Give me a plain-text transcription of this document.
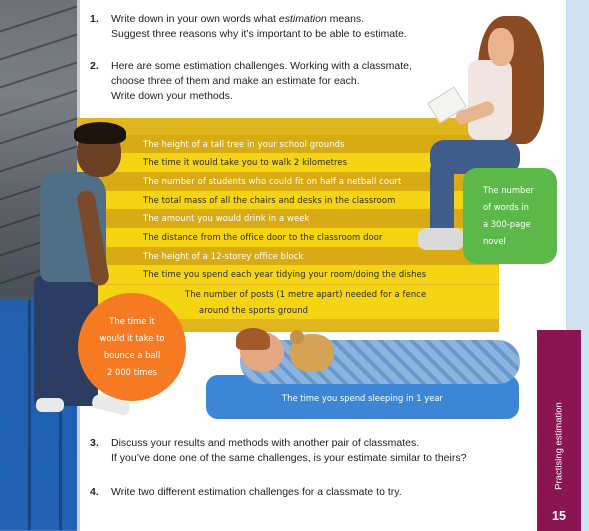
1. Write down in your own words what estimation means.
Suggest three reasons why it’s important to be able to estimate.
2. Here are some estimation challenges. Working with a classmate,
choose three of them and make an estimate for each.
Write down your methods.
The height of a tall tree in your school grounds
The time it would take you to walk 2 kilometres
The number of students who could fit on half a netball court
The total mass of all the chairs and desks in the classroom
The amount you would drink in a week
The distance from the office door to the classroom door
The height of a 12-storey office block
The time you spend each year tidying your room/doing the dishes
The number of posts (1 metre apart) needed for a fence
around the sports ground
The number
of words in
a 300-page
novel
The time you spend sleeping in 1 year
The time it
would it take to
bounce a ball
2 000 times
3. Discuss your results and methods with another pair of classmates.
If you’ve done one of the same challenges, is your estimate similar to theirs?
4. Write two different estimation challenges for a classmate to try.
Practising estimation
15
